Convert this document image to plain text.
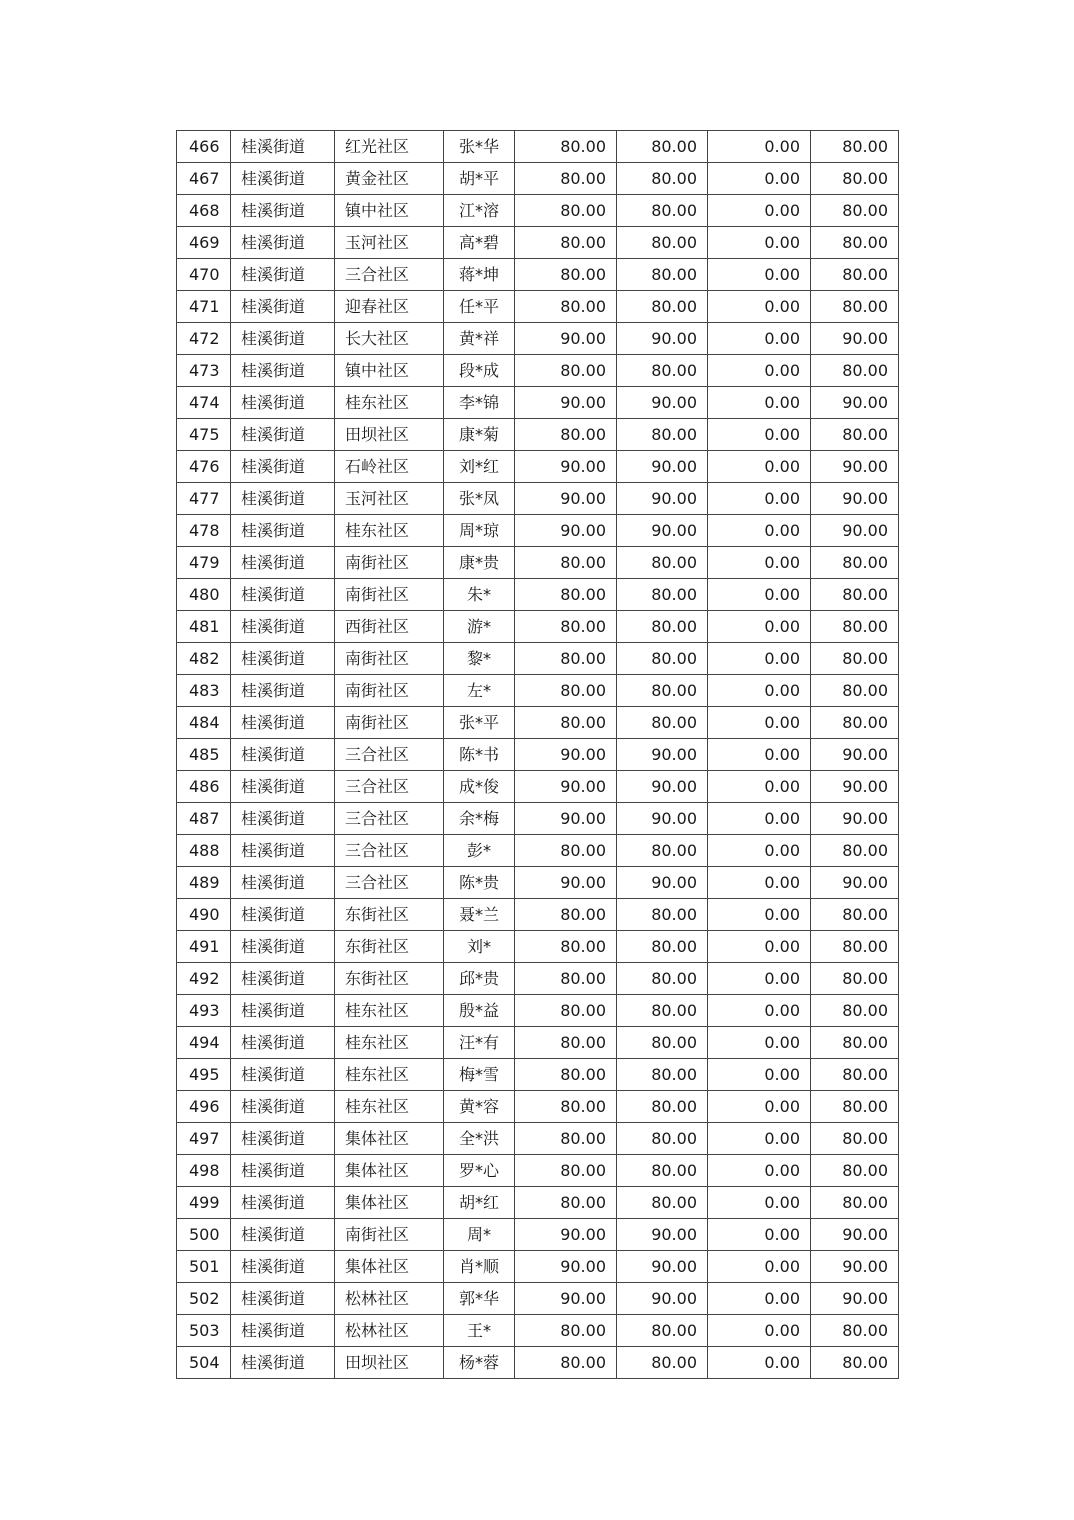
466	桂溪街道	红光社区	张*华	80.00	80.00	0.00	80.00
467	桂溪街道	黄金社区	胡*平	80.00	80.00	0.00	80.00
468	桂溪街道	镇中社区	江*溶	80.00	80.00	0.00	80.00
469	桂溪街道	玉河社区	高*碧	80.00	80.00	0.00	80.00
470	桂溪街道	三合社区	蒋*坤	80.00	80.00	0.00	80.00
471	桂溪街道	迎春社区	任*平	80.00	80.00	0.00	80.00
472	桂溪街道	长大社区	黄*祥	90.00	90.00	0.00	90.00
473	桂溪街道	镇中社区	段*成	80.00	80.00	0.00	80.00
474	桂溪街道	桂东社区	李*锦	90.00	90.00	0.00	90.00
475	桂溪街道	田坝社区	康*菊	80.00	80.00	0.00	80.00
476	桂溪街道	石岭社区	刘*红	90.00	90.00	0.00	90.00
477	桂溪街道	玉河社区	张*凤	90.00	90.00	0.00	90.00
478	桂溪街道	桂东社区	周*琼	90.00	90.00	0.00	90.00
479	桂溪街道	南街社区	康*贵	80.00	80.00	0.00	80.00
480	桂溪街道	南街社区	朱*	80.00	80.00	0.00	80.00
481	桂溪街道	西街社区	游*	80.00	80.00	0.00	80.00
482	桂溪街道	南街社区	黎*	80.00	80.00	0.00	80.00
483	桂溪街道	南街社区	左*	80.00	80.00	0.00	80.00
484	桂溪街道	南街社区	张*平	80.00	80.00	0.00	80.00
485	桂溪街道	三合社区	陈*书	90.00	90.00	0.00	90.00
486	桂溪街道	三合社区	成*俊	90.00	90.00	0.00	90.00
487	桂溪街道	三合社区	余*梅	90.00	90.00	0.00	90.00
488	桂溪街道	三合社区	彭*	80.00	80.00	0.00	80.00
489	桂溪街道	三合社区	陈*贵	90.00	90.00	0.00	90.00
490	桂溪街道	东街社区	聂*兰	80.00	80.00	0.00	80.00
491	桂溪街道	东街社区	刘*	80.00	80.00	0.00	80.00
492	桂溪街道	东街社区	邱*贵	80.00	80.00	0.00	80.00
493	桂溪街道	桂东社区	殷*益	80.00	80.00	0.00	80.00
494	桂溪街道	桂东社区	汪*有	80.00	80.00	0.00	80.00
495	桂溪街道	桂东社区	梅*雪	80.00	80.00	0.00	80.00
496	桂溪街道	桂东社区	黄*容	80.00	80.00	0.00	80.00
497	桂溪街道	集体社区	全*洪	80.00	80.00	0.00	80.00
498	桂溪街道	集体社区	罗*心	80.00	80.00	0.00	80.00
499	桂溪街道	集体社区	胡*红	80.00	80.00	0.00	80.00
500	桂溪街道	南街社区	周*	90.00	90.00	0.00	90.00
501	桂溪街道	集体社区	肖*顺	90.00	90.00	0.00	90.00
502	桂溪街道	松林社区	郭*华	90.00	90.00	0.00	90.00
503	桂溪街道	松林社区	王*	80.00	80.00	0.00	80.00
504	桂溪街道	田坝社区	杨*蓉	80.00	80.00	0.00	80.00
